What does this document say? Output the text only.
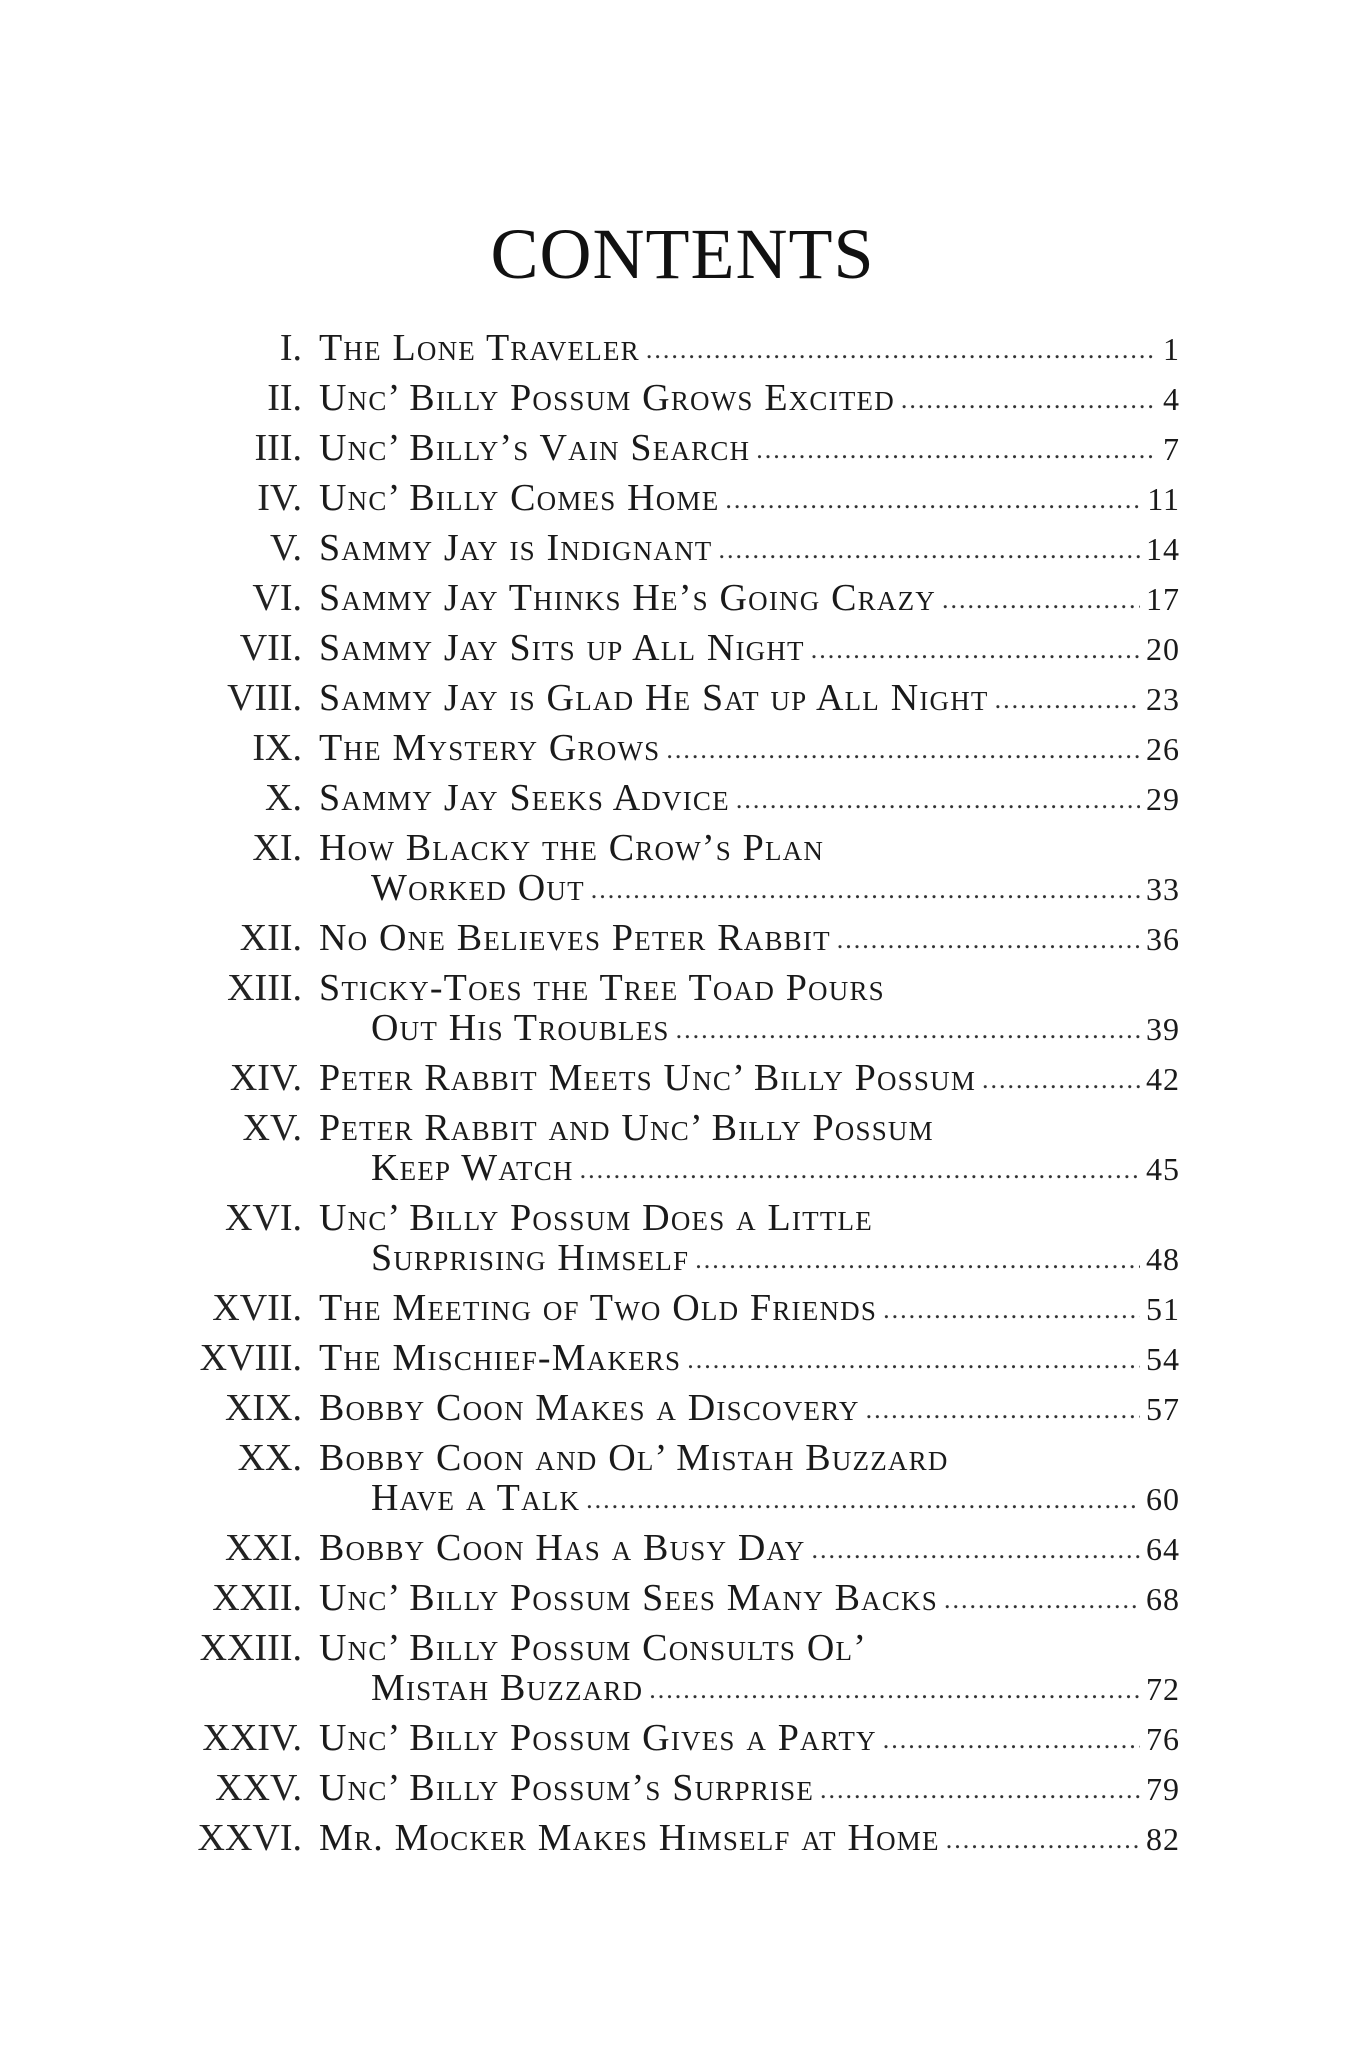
CONTENTS
I. The Lone Traveler .....	1
II. Unc’ Billy Possum Grows Excited .....	4
III. Unc’ Billy’s Vain Search .....	7
IV. Unc’ Billy Comes Home .....	11
V. Sammy Jay is Indignant .....	14
VI. Sammy Jay Thinks He’s Going Crazy .....	17
VII. Sammy Jay Sits up All Night .....	20
VIII. Sammy Jay is Glad He Sat up All Night .....	23
IX. The Mystery Grows .....	26
X. Sammy Jay Seeks Advice .....	29
XI. How Blacky the Crow’s Plan
Worked Out .....	33
XII. No One Believes Peter Rabbit .....	36
XIII. Sticky-Toes the Tree Toad Pours
Out His Troubles .....	39
XIV. Peter Rabbit Meets Unc’ Billy Possum .....	42
XV. Peter Rabbit and Unc’ Billy Possum
Keep Watch .....	45
XVI. Unc’ Billy Possum Does a Little
Surprising Himself .....	48
XVII. The Meeting of Two Old Friends .....	51
XVIII. The Mischief-Makers .....	54
XIX. Bobby Coon Makes a Discovery .....	57
XX. Bobby Coon and Ol’ Mistah Buzzard
Have a Talk .....	60
XXI. Bobby Coon Has a Busy Day .....	64
XXII. Unc’ Billy Possum Sees Many Backs .....	68
XXIII. Unc’ Billy Possum Consults Ol’
Mistah Buzzard .....	72
XXIV. Unc’ Billy Possum Gives a Party .....	76
XXV. Unc’ Billy Possum’s Surprise .....	79
XXVI. Mr. Mocker Makes Himself at Home .....	82
